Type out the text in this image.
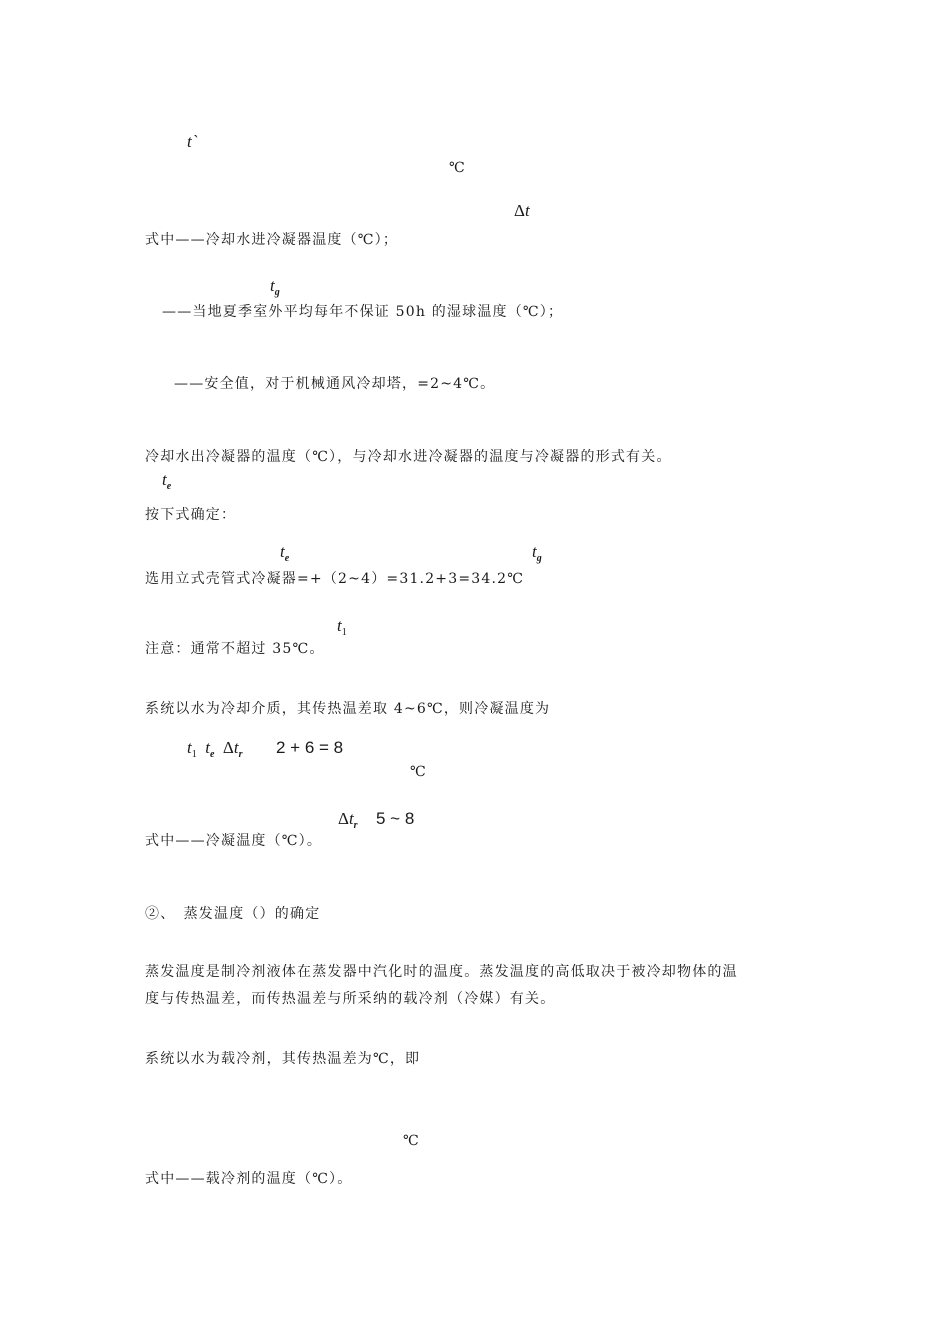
t`
℃
Δt
式中——冷却水进冷凝器温度（℃）；
$t_g$
——当地夏季室外平均每年不保证 50h 的湿球温度（℃）；
——安全值，对于机械通风冷却塔，=2~4℃。
冷却水出冷凝器的温度（℃），与冷却水进冷凝器的温度与冷凝器的形式有关。
$t_e$
按下式确定：
$t_e$	$t_g$
选用立式壳管式冷凝器=+（2~4）=31.2+3=34.2℃
$t_1$
注意：通常不超过 35℃。
系统以水为冷却介质，其传热温差取 4~6℃，则冷凝温度为
$t_1$ $t_e$ $\Delta t_r$ 2 + 6 = 8
℃
$\Delta t_r$ 5 ~ 8
式中——冷凝温度（℃）。
②、　蒸发温度（）的确定
蒸发温度是制冷剂液体在蒸发器中汽化时的温度。蒸发温度的高低取决于被冷却物体的温
度与传热温差，而传热温差与所采纳的载冷剂（冷媒）有关。
系统以水为载冷剂，其传热温差为℃，即
℃
式中——载冷剂的温度（℃）。
